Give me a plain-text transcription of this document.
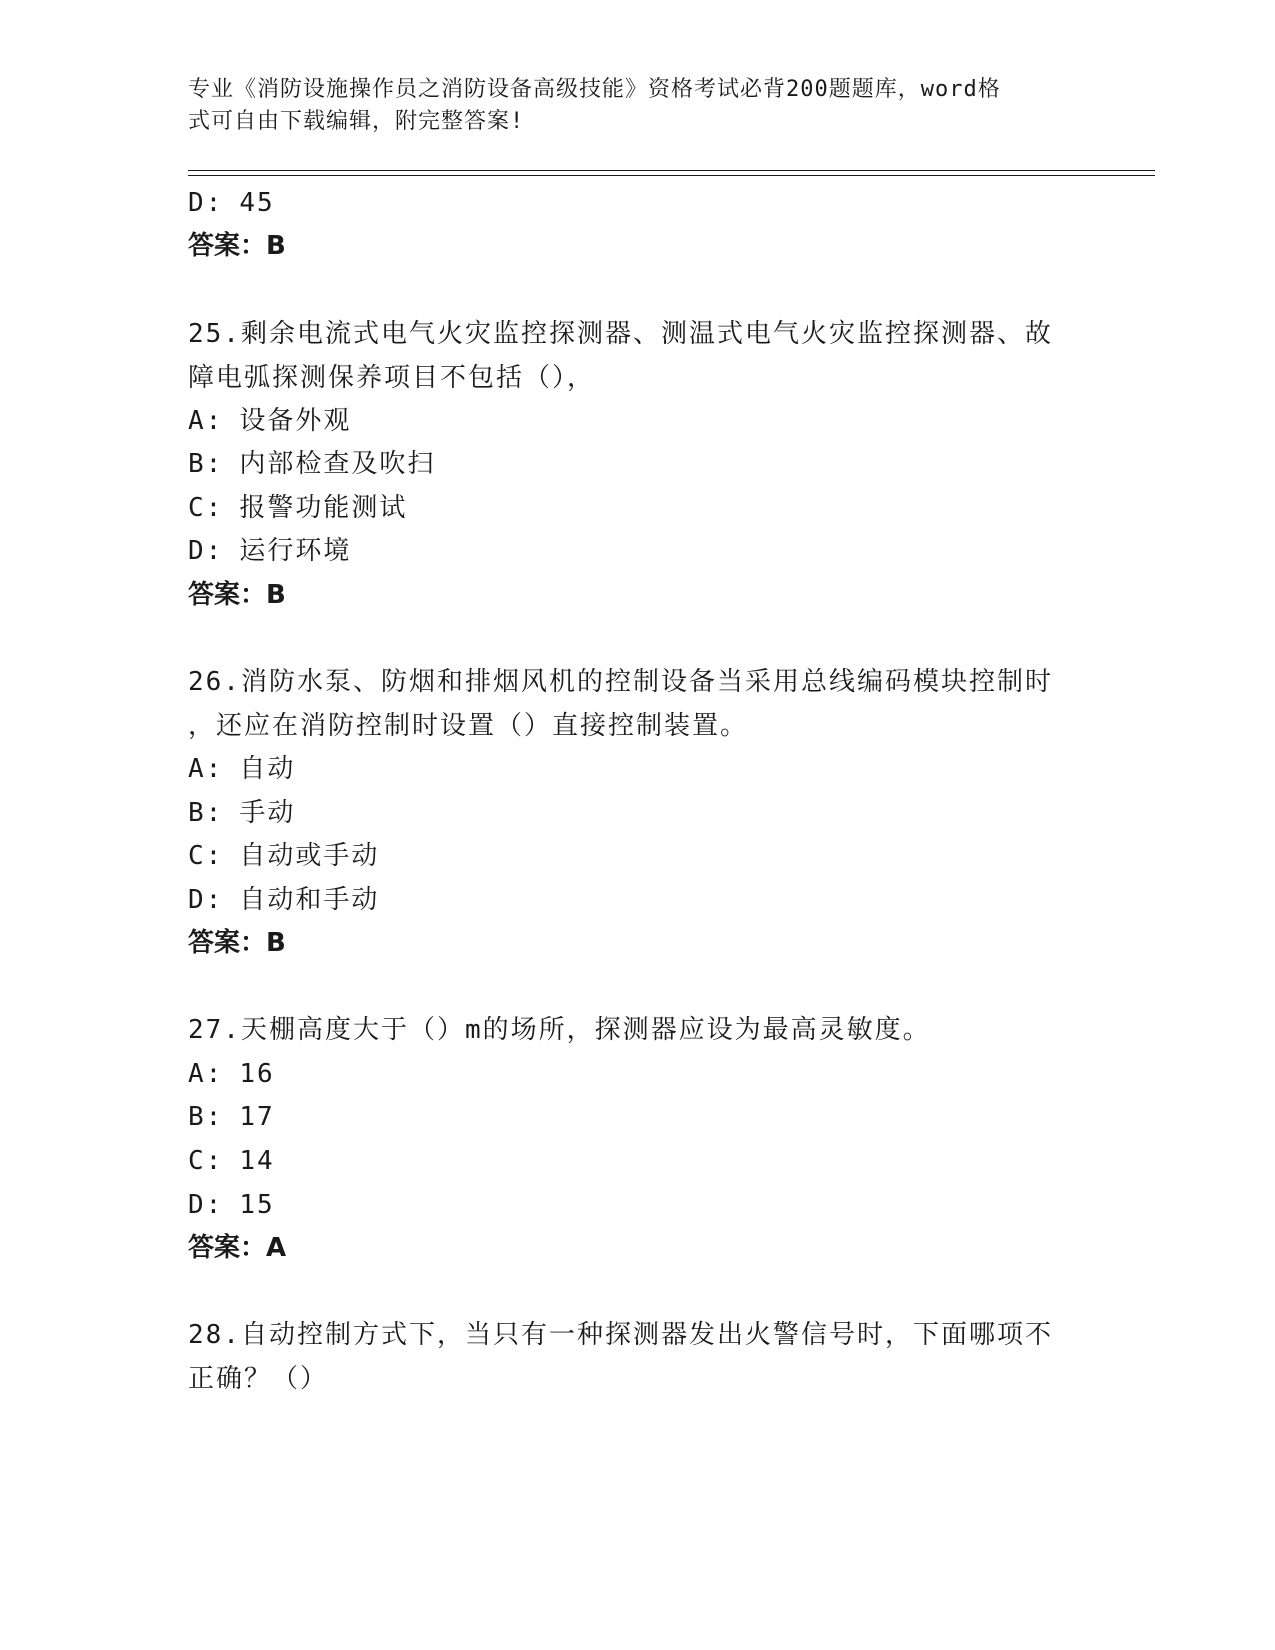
专业《消防设施操作员之消防设备高级技能》资格考试必背200题题库，word格
式可自由下载编辑，附完整答案!
D: 45
答案：B
25.剩余电流式电气火灾监控探测器、测温式电气火灾监控探测器、故
障电弧探测保养项目不包括（），
A: 设备外观
B: 内部检查及吹扫
C: 报警功能测试
D: 运行环境
答案：B
26.消防水泵、防烟和排烟风机的控制设备当采用总线编码模块控制时
，还应在消防控制时设置（）直接控制装置。
A: 自动
B: 手动
C: 自动或手动
D: 自动和手动
答案：B
27.天棚高度大于（）m的场所，探测器应设为最高灵敏度。
A: 16
B: 17
C: 14
D: 15
答案：A
28.自动控制方式下，当只有一种探测器发出火警信号时，下面哪项不
正确？（）
